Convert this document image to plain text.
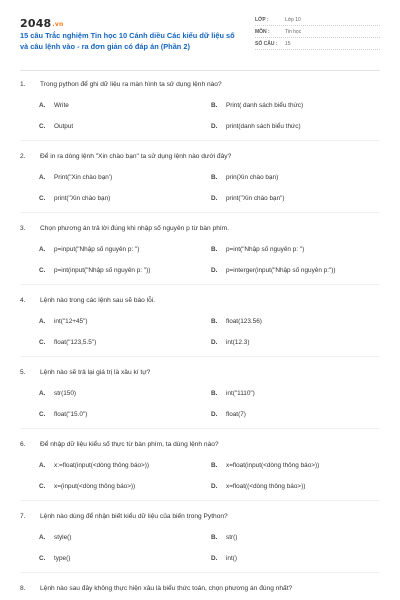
2048.vn
15 câu Trắc nghiệm Tin học 10 Cánh diều Các kiểu dữ liệu số và câu lệnh vào - ra đơn giản có đáp án (Phần 2)
LỚP :	Lớp 10
MÔN :	Tin học
SỐ CÂU :	15
1. Trong python để ghi dữ liệu ra màn hình ta sử dụng lệnh nào?
A. Write	B. Print( danh sách biểu thức)
C. Output	D. print(danh sách biểu thức)
2. Để in ra dòng lệnh "Xin chào bạn" ta sử dụng lệnh nào dưới đây?
A. Print("Xin chào bạn')	B. prin(Xin chào bạn)
C. print("Xin chào bạn)	D. print("Xin chào bạn")
3. Chọn phương án trả lời đúng khi nhập số nguyên p từ bàn phím.
A. p=input("Nhập số nguyên p: ")	B. p=int("Nhập số nguyên p: ")
C. p=int(input("Nhập số nguyên p: "))	D. p=interger(input("Nhập số nguyên p:"))
4. Lệnh nào trong các lệnh sau sẽ báo lỗi.
A. int("12+45")	B. float(123.56)
C. float("123,5.5")	D. int(12.3)
5. Lệnh nào sẽ trả lại giá trị là xâu kí tự?
A. str(150)	B. int("1110")
C. float("15.0")	D. float(7)
6. Để nhập dữ liệu kiểu số thực từ bàn phím, ta dùng lệnh nào?
A. x:=float(input(<dòng thông báo>))	B. x=float(input(<dòng thông báo>))
C. x=(input(<dòng thông báo>))	D. x=float((<dòng thông báo>))
7. Lệnh nào dùng để nhận biết kiểu dữ liệu của biến trong Python?
A. style()	B. str()
C. type()	D. int()
8. Lệnh nào sau đây không thực hiện xâu là biểu thức toán, chọn phương án đúng nhất?
